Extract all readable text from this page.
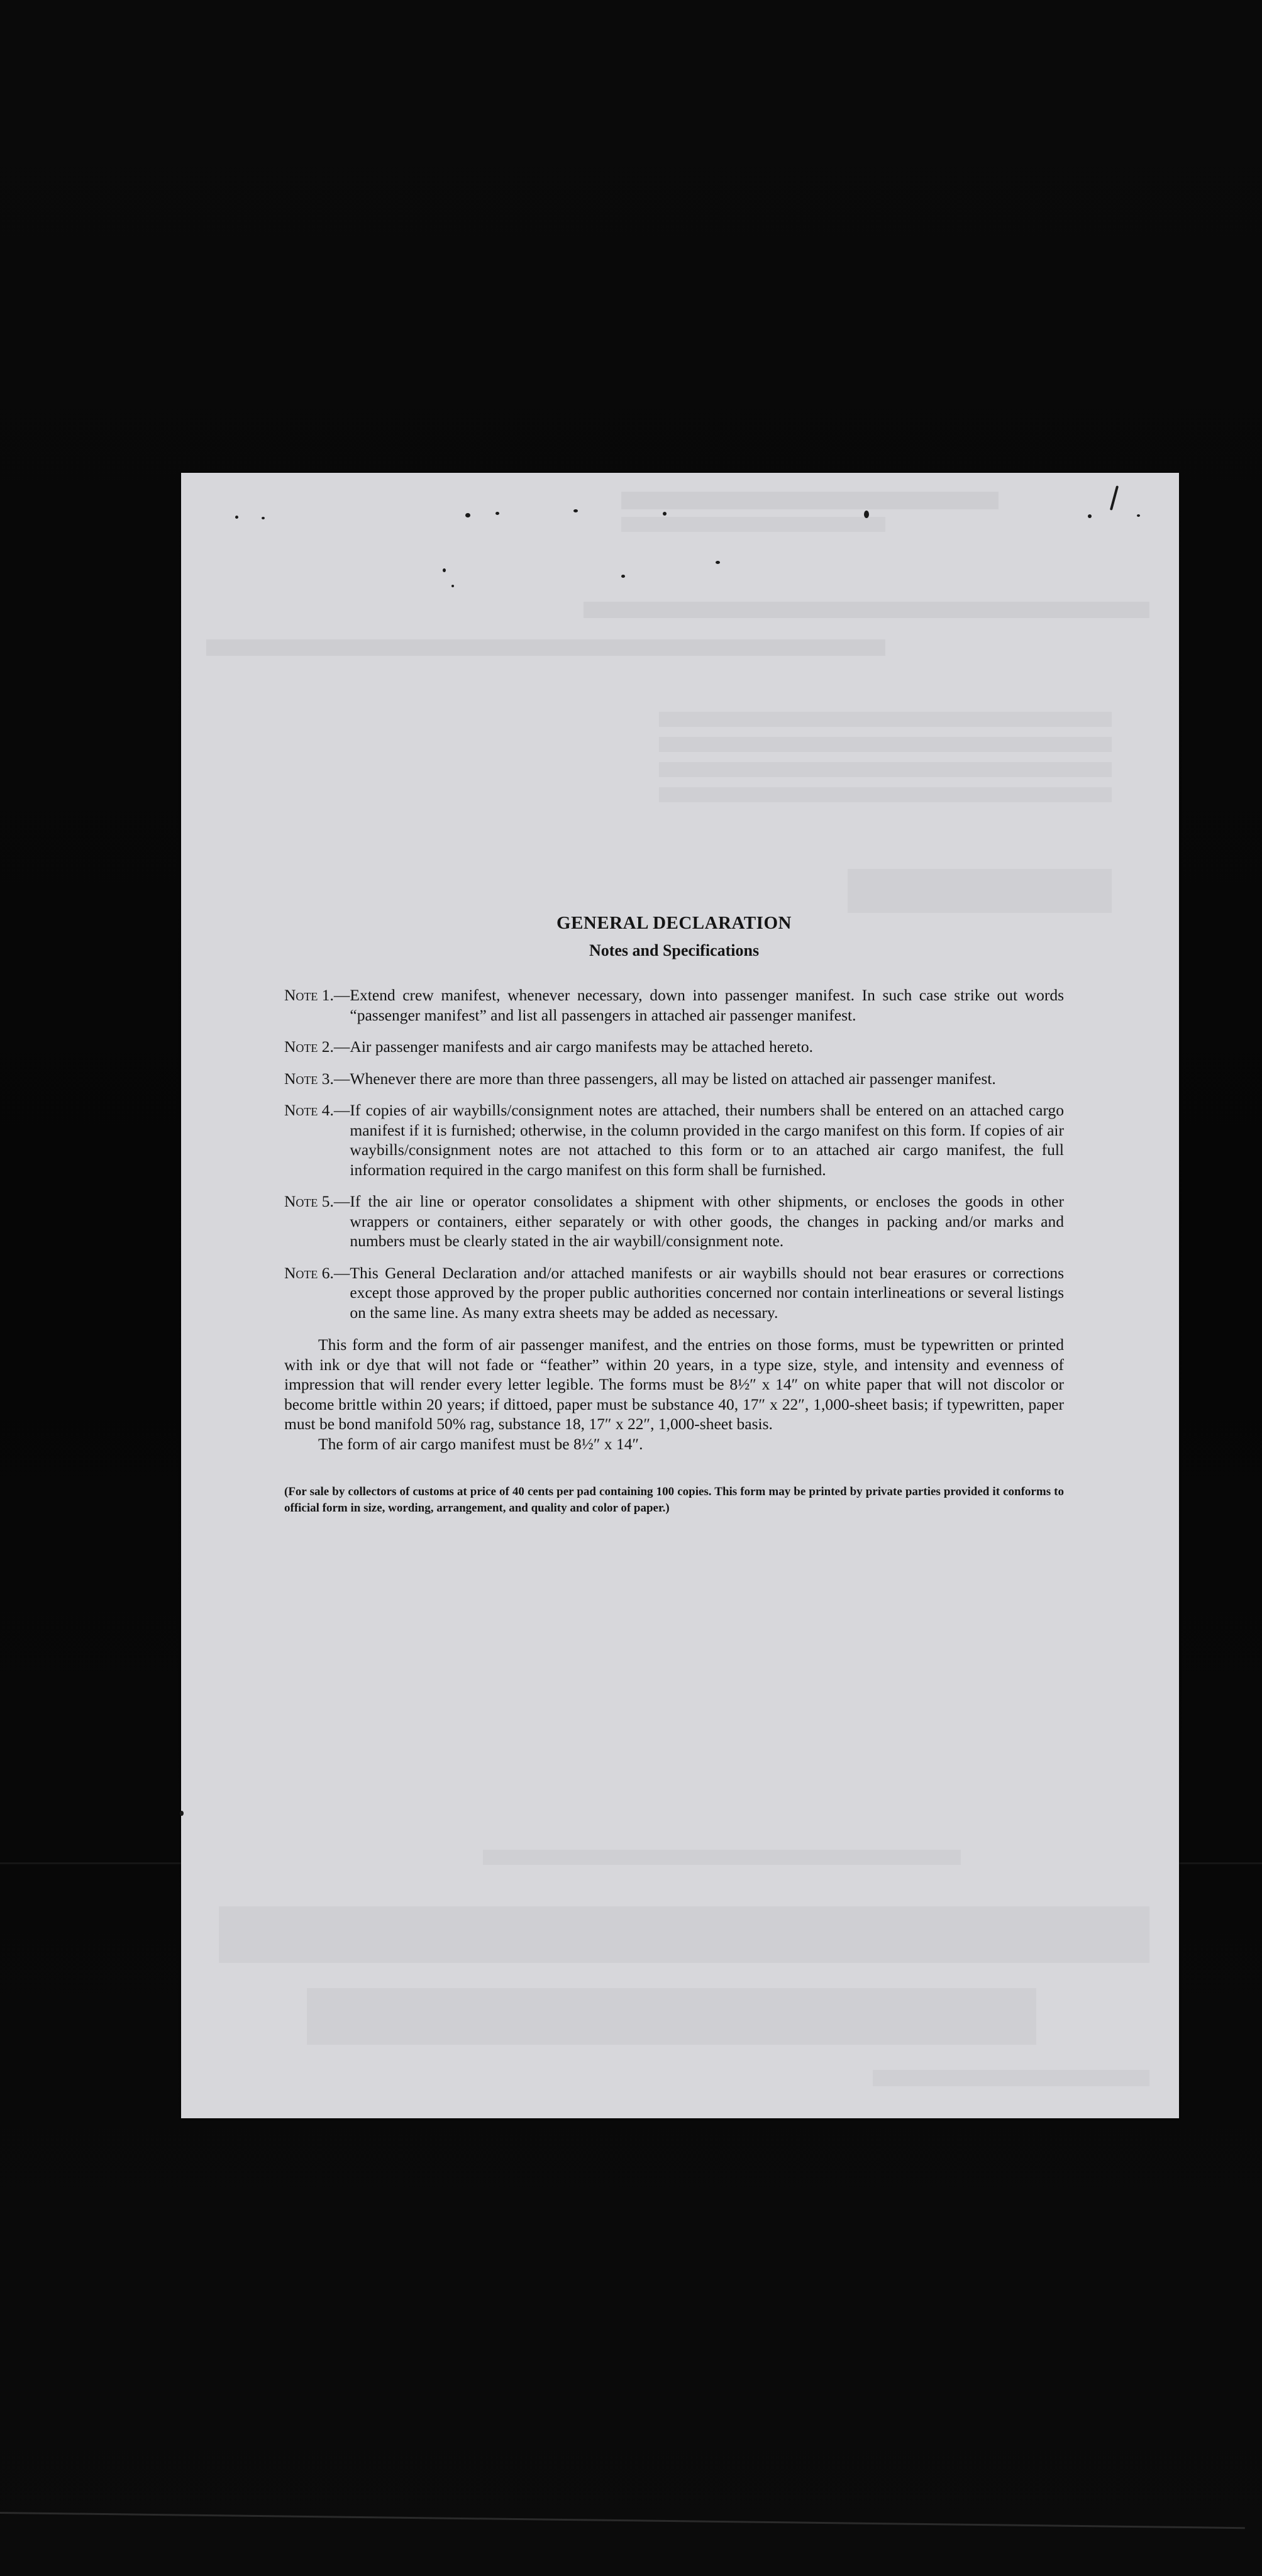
GENERAL DECLARATION
Notes and Specifications
Note 1. — Extend crew manifest, whenever necessary, down into passenger manifest. In such case strike out words “passenger manifest” and list all passengers in attached air passenger manifest.
Note 2. — Air passenger manifests and air cargo manifests may be attached hereto.
Note 3. — Whenever there are more than three passengers, all may be listed on attached air passenger manifest.
Note 4. — If copies of air waybills/consignment notes are attached, their numbers shall be entered on an attached cargo manifest if it is furnished; otherwise, in the column provided in the cargo manifest on this form. If copies of air waybills/consignment notes are not attached to this form or to an attached air cargo manifest, the full information required in the cargo manifest on this form shall be furnished.
Note 5. — If the air line or operator consolidates a shipment with other shipments, or encloses the goods in other wrappers or containers, either separately or with other goods, the changes in packing and/or marks and numbers must be clearly stated in the air waybill/consignment note.
Note 6. — This General Declaration and/or attached manifests or air waybills should not bear erasures or corrections except those approved by the proper public authorities concerned nor contain interlineations or several listings on the same line. As many extra sheets may be added as necessary.

This form and the form of air passenger manifest, and the entries on those forms, must be typewritten or printed with ink or dye that will not fade or “feather” within 20 years, in a type size, style, and intensity and evenness of impression that will render every letter legible. The forms must be 8½″ x 14″ on white paper that will not discolor or become brittle within 20 years; if dittoed, paper must be substance 40, 17″ x 22″, 1,000-sheet basis; if typewritten, paper must be bond manifold 50% rag, substance 18, 17″ x 22″, 1,000-sheet basis.

The form of air cargo manifest must be 8½″ x 14″.

(For sale by collectors of customs at price of 40 cents per pad containing 100 copies. This form may be printed by private parties provided it conforms to official form in size, wording, arrangement, and quality and color of paper.)
